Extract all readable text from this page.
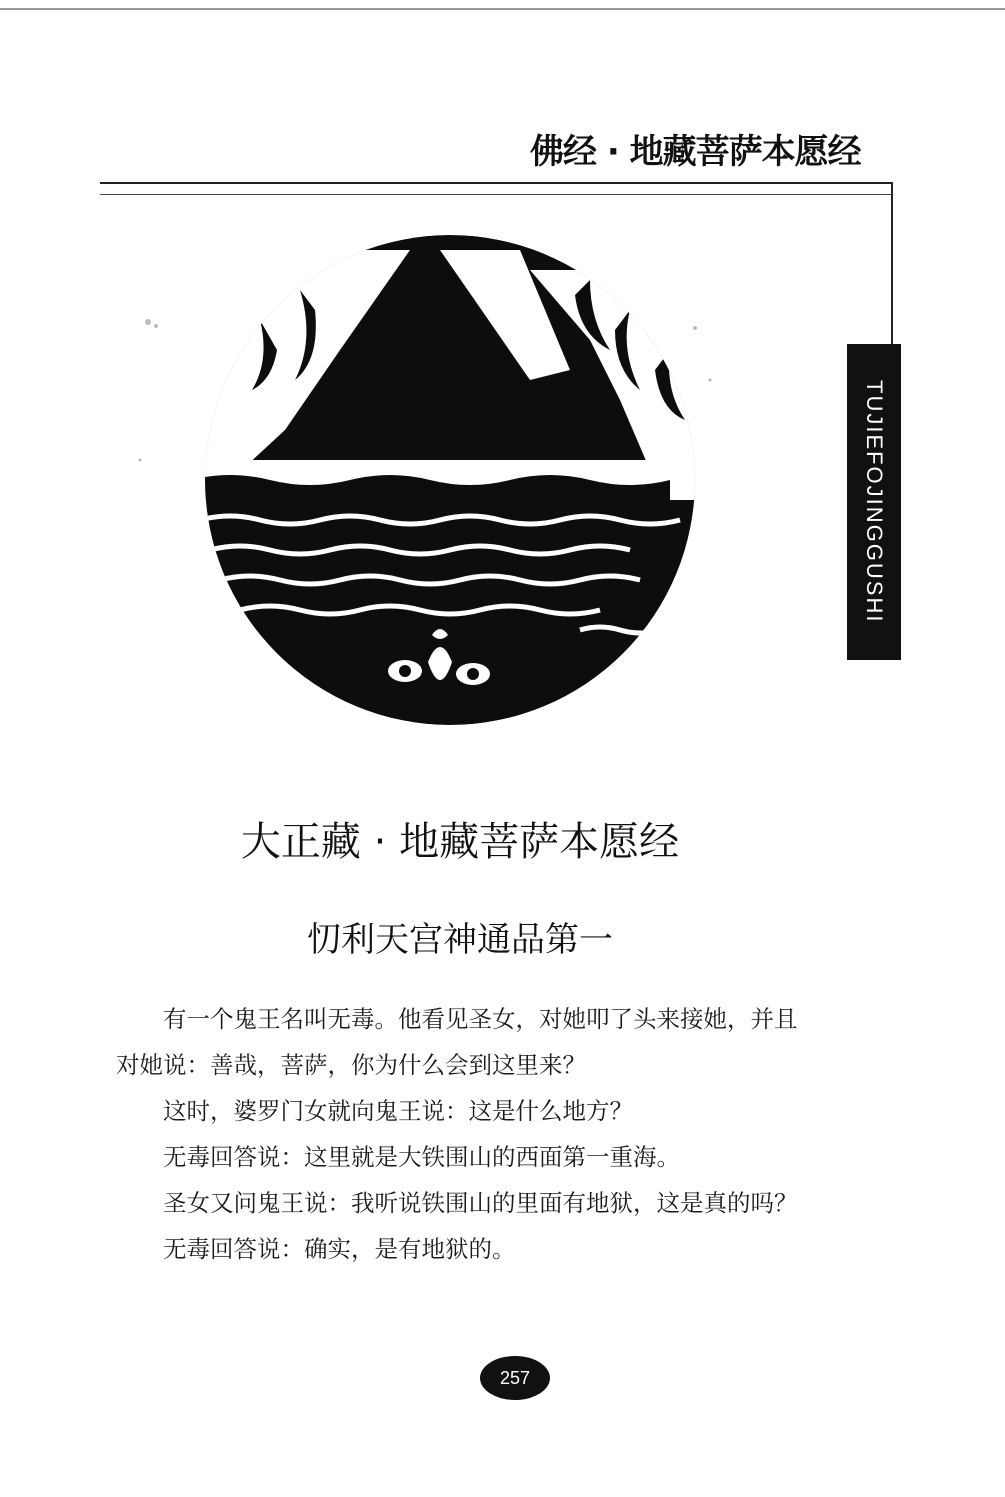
佛经 · 地藏菩萨本愿经
TUJIEFOJINGGUSHI
大正藏 · 地藏菩萨本愿经
忉利天宫神通品第一

有一个鬼王名叫无毒。他看见圣女，对她叩了头来接她，并且对她说：善哉，菩萨，你为什么会到这里来？

这时，婆罗门女就向鬼王说：这是什么地方？

无毒回答说：这里就是大铁围山的西面第一重海。

圣女又问鬼王说：我听说铁围山的里面有地狱，这是真的吗？

无毒回答说：确实，是有地狱的。

257
